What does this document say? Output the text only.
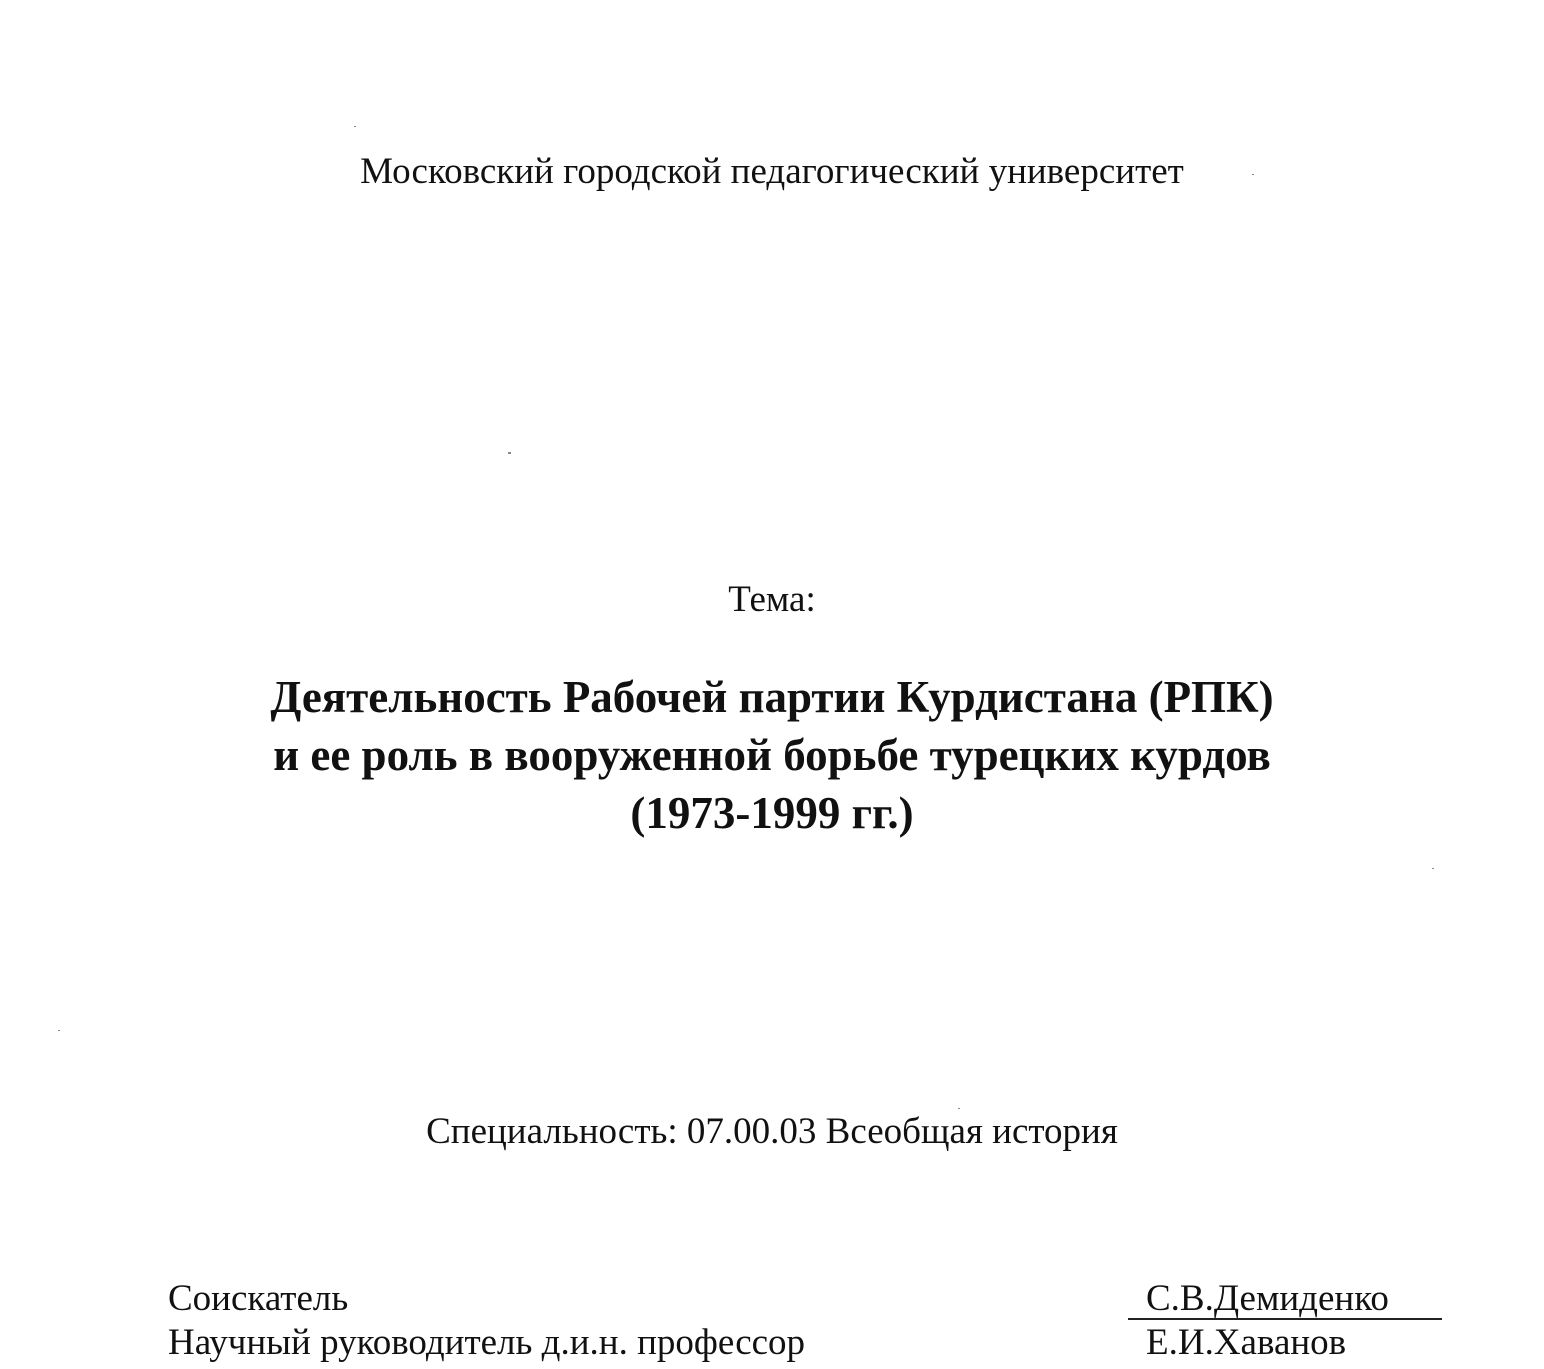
Московский городской педагогический университет
Тема:
Деятельность Рабочей партии Курдистана (РПК)
и ее роль в вооруженной борьбе турецких курдов
(1973-1999 гг.)
Специальность: 07.00.03 Всеобщая история
Соискатель	С.В.Демиденко
Научный руководитель д.и.н. профессор	Е.И.Хаванов
